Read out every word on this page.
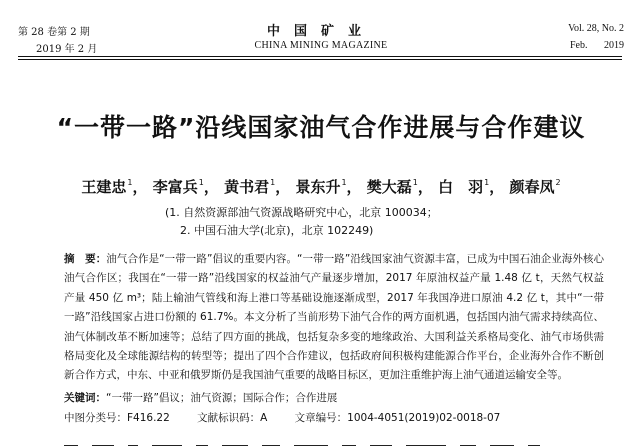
第 28 卷第 2 期
2019 年 2 月
中国矿业
CHINA MINING MAGAZINE
Vol. 28, No. 2
Feb. 2019
“一带一路”沿线国家油气合作进展与合作建议
王建忠$^1$， 李富兵$^1$， 黄书君$^1$， 景东升$^1$， 樊大磊$^1$， 白　羽$^1$， 颜春凤$^2$
(1. 自然资源部油气资源战略研究中心，北京 100034；
2. 中国石油大学(北京)，北京 102249)
摘　要：油气合作是“一带一路”倡议的重要内容。“一带一路”沿线国家油气资源丰富，已成为中国石油企业海外核心油气合作区；我国在“一带一路”沿线国家的权益油气产量逐步增加，2017 年原油权益产量 1.48 亿 t，天然气权益产量 450 亿 m³；陆上输油气管线和海上港口等基础设施逐渐成型，2017 年我国净进口原油 4.2 亿 t，其中“一带一路”沿线国家占进口份额的 61.7%。本文分析了当前形势下油气合作的两方面机遇，包括国内油气需求持续高位、油气体制改革不断加速等；总结了四方面的挑战，包括复杂多变的地缘政治、大国利益关系格局变化、油气市场供需格局变化及全球能源结构的转型等；提出了四个合作建议，包括政府间积极构建能源合作平台，企业海外合作不断创新合作方式，中东、中亚和俄罗斯仍是我国油气重要的战略目标区，更加注重维护海上油气通道运输安全等。
关键词：“一带一路”倡议；油气资源；国际合作；合作进展
中图分类号：F416.22	文献标识码：A	文章编号：1004-4051(2019)02-0018-07
